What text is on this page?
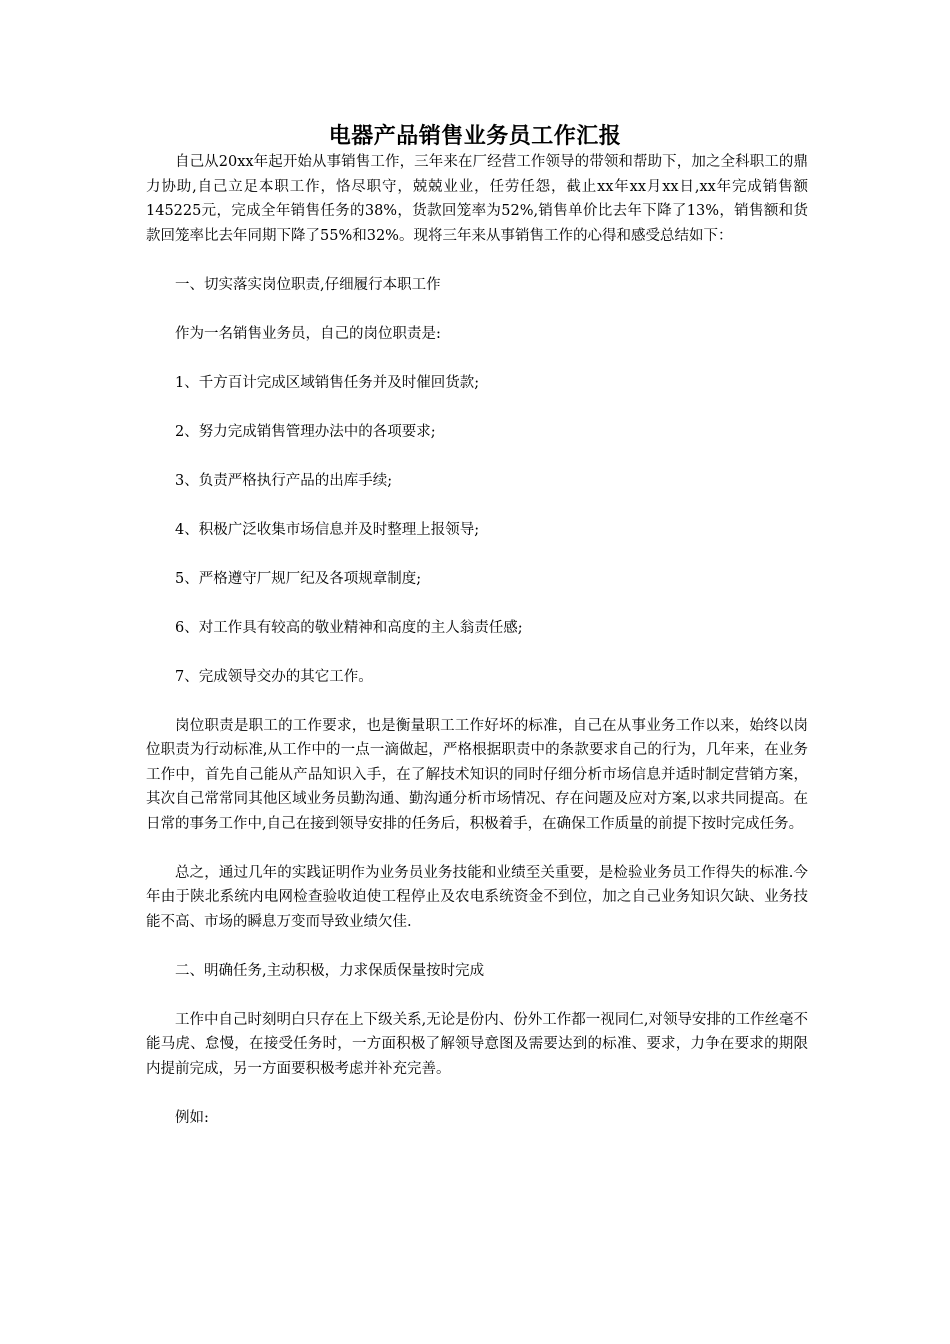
电器产品销售业务员工作汇报

自己从20xx年起开始从事销售工作，三年来在厂经营工作领导的带领和帮助下，加之全科职工的鼎力协助,自己立足本职工作，恪尽职守，兢兢业业，任劳任怨，截止xx年xx月xx日,xx年完成销售额145225元，完成全年销售任务的38%，货款回笼率为52%,销售单价比去年下降了13%，销售额和货款回笼率比去年同期下降了55%和32%。现将三年来从事销售工作的心得和感受总结如下：

一、切实落实岗位职责,仔细履行本职工作

作为一名销售业务员，自己的岗位职责是:

1、千方百计完成区域销售任务并及时催回货款;

2、努力完成销售管理办法中的各项要求;

3、负责严格执行产品的出库手续;

4、积极广泛收集市场信息并及时整理上报领导;

5、严格遵守厂规厂纪及各项规章制度;

6、对工作具有较高的敬业精神和高度的主人翁责任感;

7、完成领导交办的其它工作。

岗位职责是职工的工作要求，也是衡量职工工作好坏的标准，自己在从事业务工作以来，始终以岗位职责为行动标准,从工作中的一点一滴做起，严格根据职责中的条款要求自己的行为，几年来，在业务工作中，首先自己能从产品知识入手，在了解技术知识的同时仔细分析市场信息并适时制定营销方案，其次自己常常同其他区域业务员勤沟通、勤沟通分析市场情况、存在问题及应对方案,以求共同提高。在日常的事务工作中,自己在接到领导安排的任务后，积极着手，在确保工作质量的前提下按时完成任务。

总之，通过几年的实践证明作为业务员业务技能和业绩至关重要，是检验业务员工作得失的标准.今年由于陕北系统内电网检查验收迫使工程停止及农电系统资金不到位，加之自己业务知识欠缺、业务技能不高、市场的瞬息万变而导致业绩欠佳.

二、明确任务,主动积极，力求保质保量按时完成

工作中自己时刻明白只存在上下级关系,无论是份内、份外工作都一视同仁,对领导安排的工作丝毫不能马虎、怠慢，在接受任务时，一方面积极了解领导意图及需要达到的标准、要求，力争在要求的期限内提前完成，另一方面要积极考虑并补充完善。

例如:
